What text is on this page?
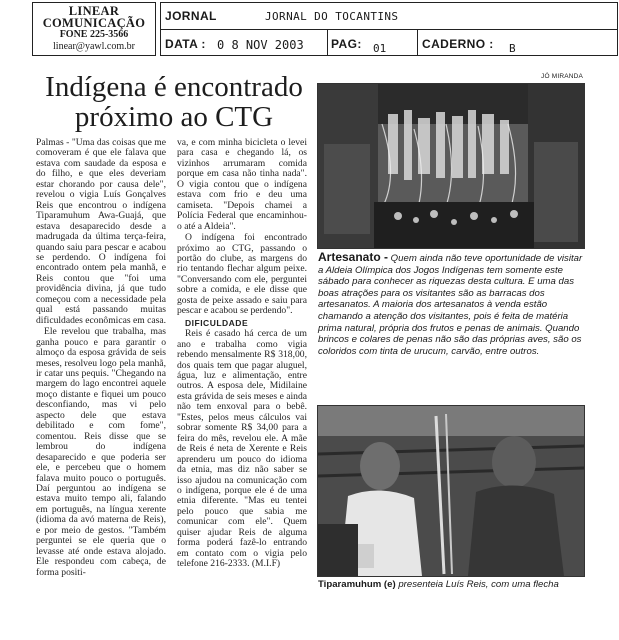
LINEAR
COMUNICAÇÃO
FONE 225-3566
linear@yawl.com.br
JORNAL	JORNAL DO TOCANTINS
DATA : 0 8 NOV 2003 PAG: 01	CADERNO : B
Indígena é encontrado próximo ao CTG

Palmas - "Uma das coisas que me comoveram é que ele falava que estava com saudade da esposa e do filho, e que eles deveriam estar chorando por causa dele", revelou o vigia Luís Gonçalves Reis que encontrou o indígena Tiparamuhum Awa-Guajá, que estava desaparecido desde a madrugada da última terça-feira, quando saiu para pescar e acabou se perdendo. O indígena foi encontrado ontem pela manhã, e Reis contou que "foi uma providência divina, já que tudo começou com a necessidade pela qual está passando muitas dificuldades econômicas em casa.

Ele revelou que trabalha, mas ganha pouco e para garantir o almoço da esposa grávida de seis meses, resolveu logo pela manhã, ir catar uns pequis. "Chegando na margem do lago encontrei aquele moço distante e fiquei um pouco desconfiando, mas vi pelo aspecto dele que estava debilitado e com fome", comentou. Reis disse que se lembrou do indígena desaparecido e que poderia ser ele, e percebeu que o homem falava muito pouco o português. Daí perguntou ao indígena se estava muito tempo ali, falando em português, na língua xerente (idioma da avó materna de Reis), e por meio de gestos. "Também perguntei se ele queria que o levasse até onde estava alojado. Ele respondeu com cabeça, de forma positi-

va, e com minha bicicleta o levei para casa e chegando lá, os vizinhos arrumaram comida porque em casa não tinha nada". O vigia contou que o indígena estava com frio e deu uma camiseta. "Depois chamei a Polícia Federal que encaminhou-o até a Aldeia".

O indígena foi encontrado próximo ao CTG, passando o portão do clube, as margens do rio tentando flechar algum peixe. "Conversando com ele, perguntei sobre a comida, e ele disse que gosta de peixe assado e saiu para pescar e acabou se perdendo".

DIFICULDADE

Reis é casado há cerca de um ano e trabalha como vigia rebendo mensalmente R$ 318,00, dos quais tem que pagar aluguel, água, luz e alimentação, entre outros. A esposa dele, Midilaine esta grávida de seis meses e ainda não tem enxoval para o bebê. "Estes, pelos meus cálculos vai sobrar somente R$ 34,00 para a feira do mês, revelou ele. A mãe de Reis é neta de Xerente e Reis aprenderu um pouco do idioma da etnia, mas diz não saber se isso ajudou na comunicação com o indígena, porque ele é de uma etnia diferente. "Mas eu tentei pelo pouco que sabia me comunicar com ele". Quem quiser ajudar Reis de alguma forma poderá fazê-lo entrando em contato com o vigia pelo telefone 216-2333. (M.I.F)

JÓ MIRANDA
Artesanato - Quem ainda não teve oportunidade de visitar a Aldeia Olímpica dos Jogos Indígenas tem somente este sábado para conhecer as riquezas desta cultura. E uma das boas atrações para os visitantes são as barracas dos artesanatos. A maioria dos artesanatos à venda estão chamando a atenção dos visitantes, pois é feita de matéria prima natural, própria dos frutos e penas de animais. Quando brincos e colares de penas não são das próprias aves, são os coloridos com tinta de urucum, carvão, entre outros.
Tiparamuhum (e) presenteia Luís Reis, com uma flecha
